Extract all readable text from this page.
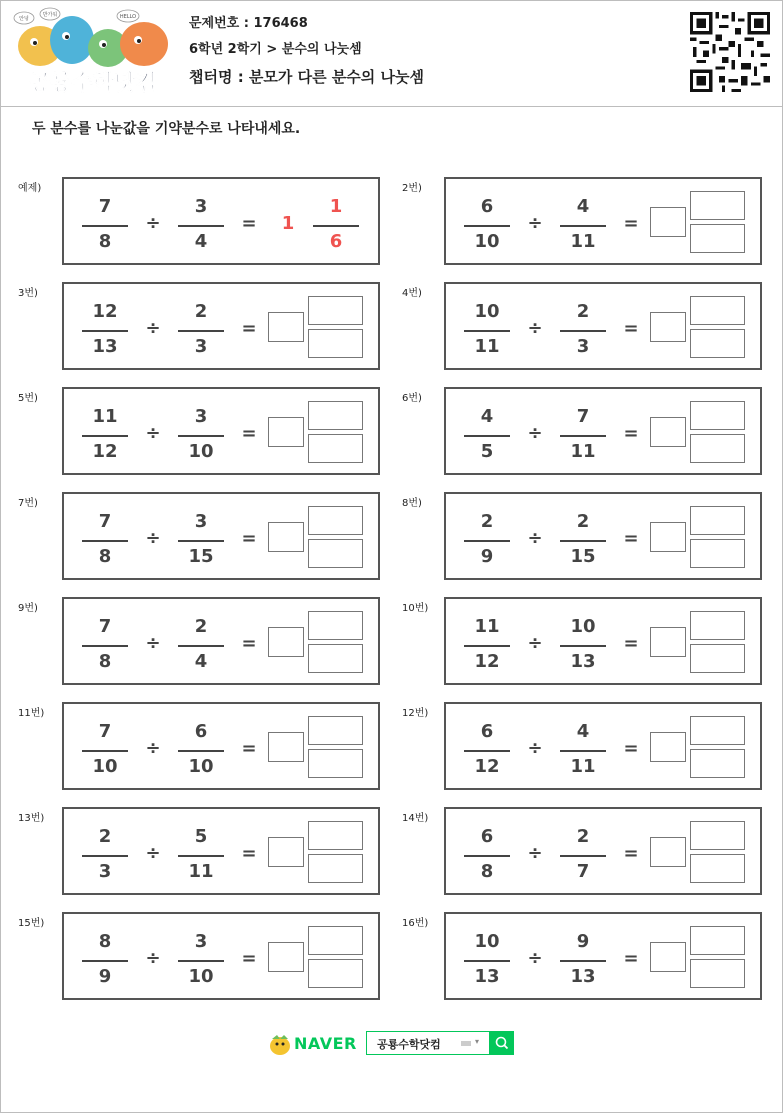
안녕
반가워	HELLO
공룡수학닷컴
문제번호 : 176468
6학년 2학기 > 분수의 나눗셈
챕터명 : 분모가 다른 분수의 나눗셈
두 분수를 나눈값을 기약분수로 나타내세요.
예제)
7
8
÷
3
4
= 1
1
6
2번)
6
10
÷
4
11
=
3번)
12
13
÷
2
3
=
4번)
10
11
÷
2
3
=
5번)
11
12
÷
3
10
=
6번)
4
5
÷
7
11
=
7번)
7
8
÷
3
15
=
8번)
2
9
÷
2
15
=
9번)
7
8
÷
2
4
=
10번)
11
12
÷
10
13
=
11번)
7
10
÷
6
10
=
12번)
6
12
÷
4
11
=
13번)
2
3
÷
5
11
=
14번)
6
8
÷
2
7
=
15번)
8
9
÷
3
10
=
16번)
10
13
÷
9
13
=
NAVER 공룡수학닷컴	▾
